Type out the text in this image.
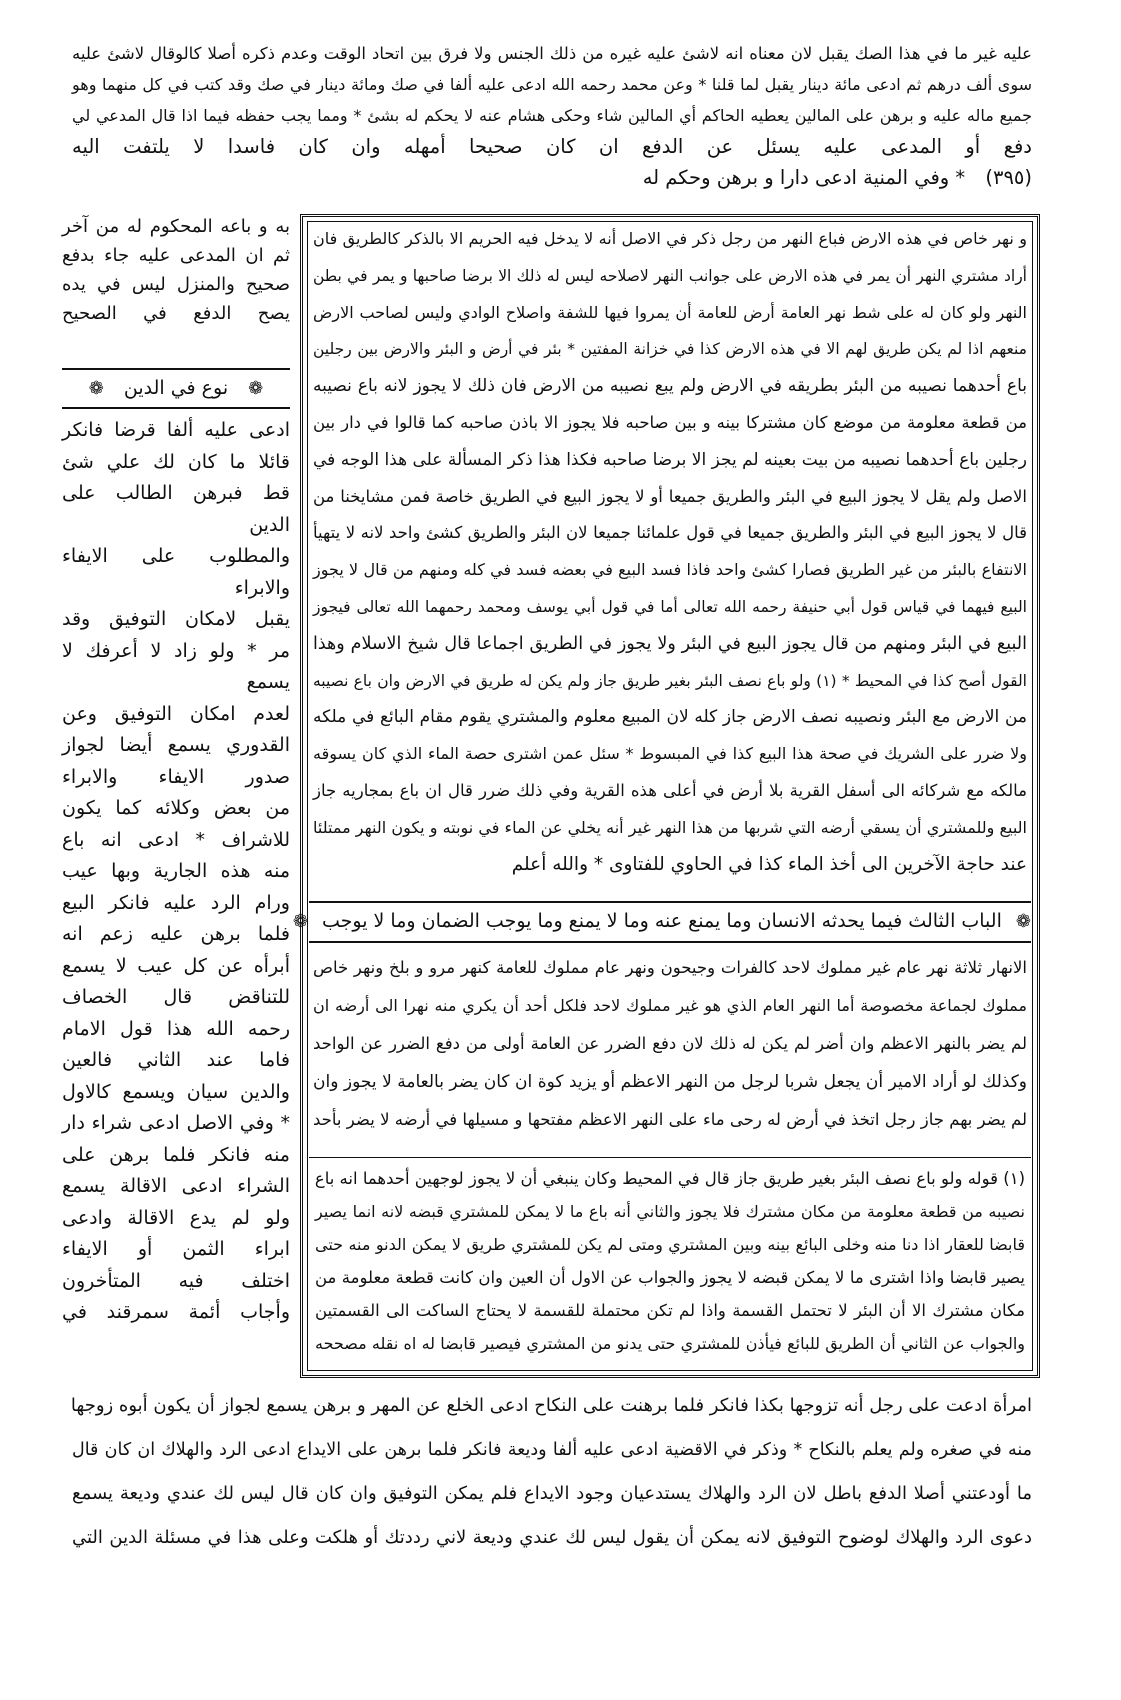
عليه غير ما في هذا الصك يقبل لان معناه انه لاشئ عليه غيره من ذلك الجنس ولا فرق بين اتحاد الوقت وعدم ذكره أصلا كالوقال لاشئ عليه
سوى ألف درهم ثم ادعى مائة دينار يقبل لما قلنا * وعن محمد رحمه الله ادعى عليه ألفا في صك ومائة دينار في صك وقد كتب في كل منهما وهو
جميع ماله عليه و برهن على المالين يعطيه الحاكم أي المالين شاء وحكى هشام عنه لا يحكم له بشئ * ومما يجب حفظه فيما اذا قال المدعي لي
دفع أو المدعى عليه يسئل عن الدفع ان كان صحيحا أمهله وان كان فاسدا لا يلتفت اليه
(٣٩٥) * وفي المنية ادعى دارا و برهن وحكم له
به و باعه المحكوم له من آخر
ثم ان المدعى عليه جاء بدفع
صحيح والمنزل ليس في يده
يصح الدفع في الصحيح
❁ نوع في الدين ❁
ادعى عليه ألفا قرضا فانكر
قائلا ما كان لك علي شئ
قط فبرهن الطالب على الدين
والمطلوب على الايفاء والابراء
يقبل لامكان التوفيق وقد
مر * ولو زاد لا أعرفك لا يسمع
لعدم امكان التوفيق وعن
القدوري يسمع أيضا لجواز
صدور الايفاء والابراء
من بعض وكلائه كما يكون
للاشراف * ادعى انه باع
منه هذه الجارية وبها عيب
ورام الرد عليه فانكر البيع
فلما برهن عليه زعم انه
أبرأه عن كل عيب لا يسمع
للتناقض قال الخصاف
رحمه الله هذا قول الامام
فاما عند الثاني فالعين
والدين سيان ويسمع كالاول
* وفي الاصل ادعى شراء دار
منه فانكر فلما برهن على
الشراء ادعى الاقالة يسمع
ولو لم يدع الاقالة وادعى
ابراء الثمن أو الايفاء
اختلف فيه المتأخرون
وأجاب أئمة سمرقند في
و نهر خاص في هذه الارض فباع النهر من رجل ذكر في الاصل أنه لا يدخل فيه الحريم الا بالذكر كالطريق فان
أراد مشتري النهر أن يمر في هذه الارض على جوانب النهر لاصلاحه ليس له ذلك الا برضا صاحبها و يمر في بطن
النهر ولو كان له على شط نهر العامة أرض للعامة أن يمروا فيها للشفة واصلاح الوادي وليس لصاحب الارض
منعهم اذا لم يكن طريق لهم الا في هذه الارض كذا في خزانة المفتين * بئر في أرض و البئر والارض بين رجلين
باع أحدهما نصيبه من البئر بطريقه في الارض ولم يبع نصيبه من الارض فان ذلك لا يجوز لانه باع نصيبه
من قطعة معلومة من موضع كان مشتركا بينه و بين صاحبه فلا يجوز الا باذن صاحبه كما قالوا في دار بين
رجلين باع أحدهما نصيبه من بيت بعينه لم يجز الا برضا صاحبه فكذا هذا ذكر المسألة على هذا الوجه في
الاصل ولم يقل لا يجوز البيع في البئر والطريق جميعا أو لا يجوز البيع في الطريق خاصة فمن مشايخنا من
قال لا يجوز البيع في البئر والطريق جميعا في قول علمائنا جميعا لان البئر والطريق كشئ واحد لانه لا يتهيأ
الانتفاع بالبئر من غير الطريق فصارا كشئ واحد فاذا فسد البيع في بعضه فسد في كله ومنهم من قال لا يجوز
البيع فيهما في قياس قول أبي حنيفة رحمه الله تعالى أما في قول أبي يوسف ومحمد رحمهما الله تعالى فيجوز
البيع في البئر ومنهم من قال يجوز البيع في البئر ولا يجوز في الطريق اجماعا قال شيخ الاسلام وهذا
القول أصح كذا في المحيط * (١) ولو باع نصف البئر بغير طريق جاز ولم يكن له طريق في الارض وان باع نصيبه
من الارض مع البئر ونصيبه نصف الارض جاز كله لان المبيع معلوم والمشتري يقوم مقام البائع في ملكه
ولا ضرر على الشريك في صحة هذا البيع كذا في المبسوط * سئل عمن اشترى حصة الماء الذي كان يسوقه
مالكه مع شركائه الى أسفل القرية بلا أرض في أعلى هذه القرية وفي ذلك ضرر قال ان باع بمجاريه جاز
البيع وللمشتري أن يسقي أرضه التي شربها من هذا النهر غير أنه يخلي عن الماء في نوبته و يكون النهر ممتلئا
عند حاجة الآخرين الى أخذ الماء كذا في الحاوي للفتاوى * والله أعلم
❁ الباب الثالث فيما يحدثه الانسان وما يمنع عنه وما لا يمنع وما يوجب الضمان وما لا يوجب ❁
الانهار ثلاثة نهر عام غير مملوك لاحد كالفرات وجيحون ونهر عام مملوك للعامة كنهر مرو و بلخ ونهر خاص
مملوك لجماعة مخصوصة أما النهر العام الذي هو غير مملوك لاحد فلكل أحد أن يكري منه نهرا الى أرضه ان
لم يضر بالنهر الاعظم وان أضر لم يكن له ذلك لان دفع الضرر عن العامة أولى من دفع الضرر عن الواحد
وكذلك لو أراد الامير أن يجعل شربا لرجل من النهر الاعظم أو يزيد كوة ان كان يضر بالعامة لا يجوز وان
لم يضر بهم جاز رجل اتخذ في أرض له رحى ماء على النهر الاعظم مفتحها و مسيلها في أرضه لا يضر بأحد
(١) قوله ولو باع نصف البئر بغير طريق جاز قال في المحيط وكان ينبغي أن لا يجوز لوجهين أحدهما انه باع
نصيبه من قطعة معلومة من مكان مشترك فلا يجوز والثاني أنه باع ما لا يمكن للمشتري قبضه لانه انما يصير
قابضا للعقار اذا دنا منه وخلى البائع بينه وبين المشتري ومتى لم يكن للمشتري طريق لا يمكن الدنو منه حتى
يصير قابضا واذا اشترى ما لا يمكن قبضه لا يجوز والجواب عن الاول أن العين وان كانت قطعة معلومة من
مكان مشترك الا أن البئر لا تحتمل القسمة واذا لم تكن محتملة للقسمة لا يحتاج الساكت الى القسمتين
والجواب عن الثاني أن الطريق للبائع فيأذن للمشتري حتى يدنو من المشتري فيصير قابضا له اه نقله مصححه
امرأة ادعت على رجل أنه تزوجها بكذا فانكر فلما برهنت على النكاح ادعى الخلع عن المهر و برهن يسمع لجواز أن يكون أبوه زوجها
منه في صغره ولم يعلم بالنكاح * وذكر في الاقضية ادعى عليه ألفا وديعة فانكر فلما برهن على الايداع ادعى الرد والهلاك ان كان قال
ما أودعتني أصلا الدفع باطل لان الرد والهلاك يستدعيان وجود الايداع فلم يمكن التوفيق وان كان قال ليس لك عندي وديعة يسمع
دعوى الرد والهلاك لوضوح التوفيق لانه يمكن أن يقول ليس لك عندي وديعة لاني رددتك أو هلكت وعلى هذا في مسئلة الدين التي
